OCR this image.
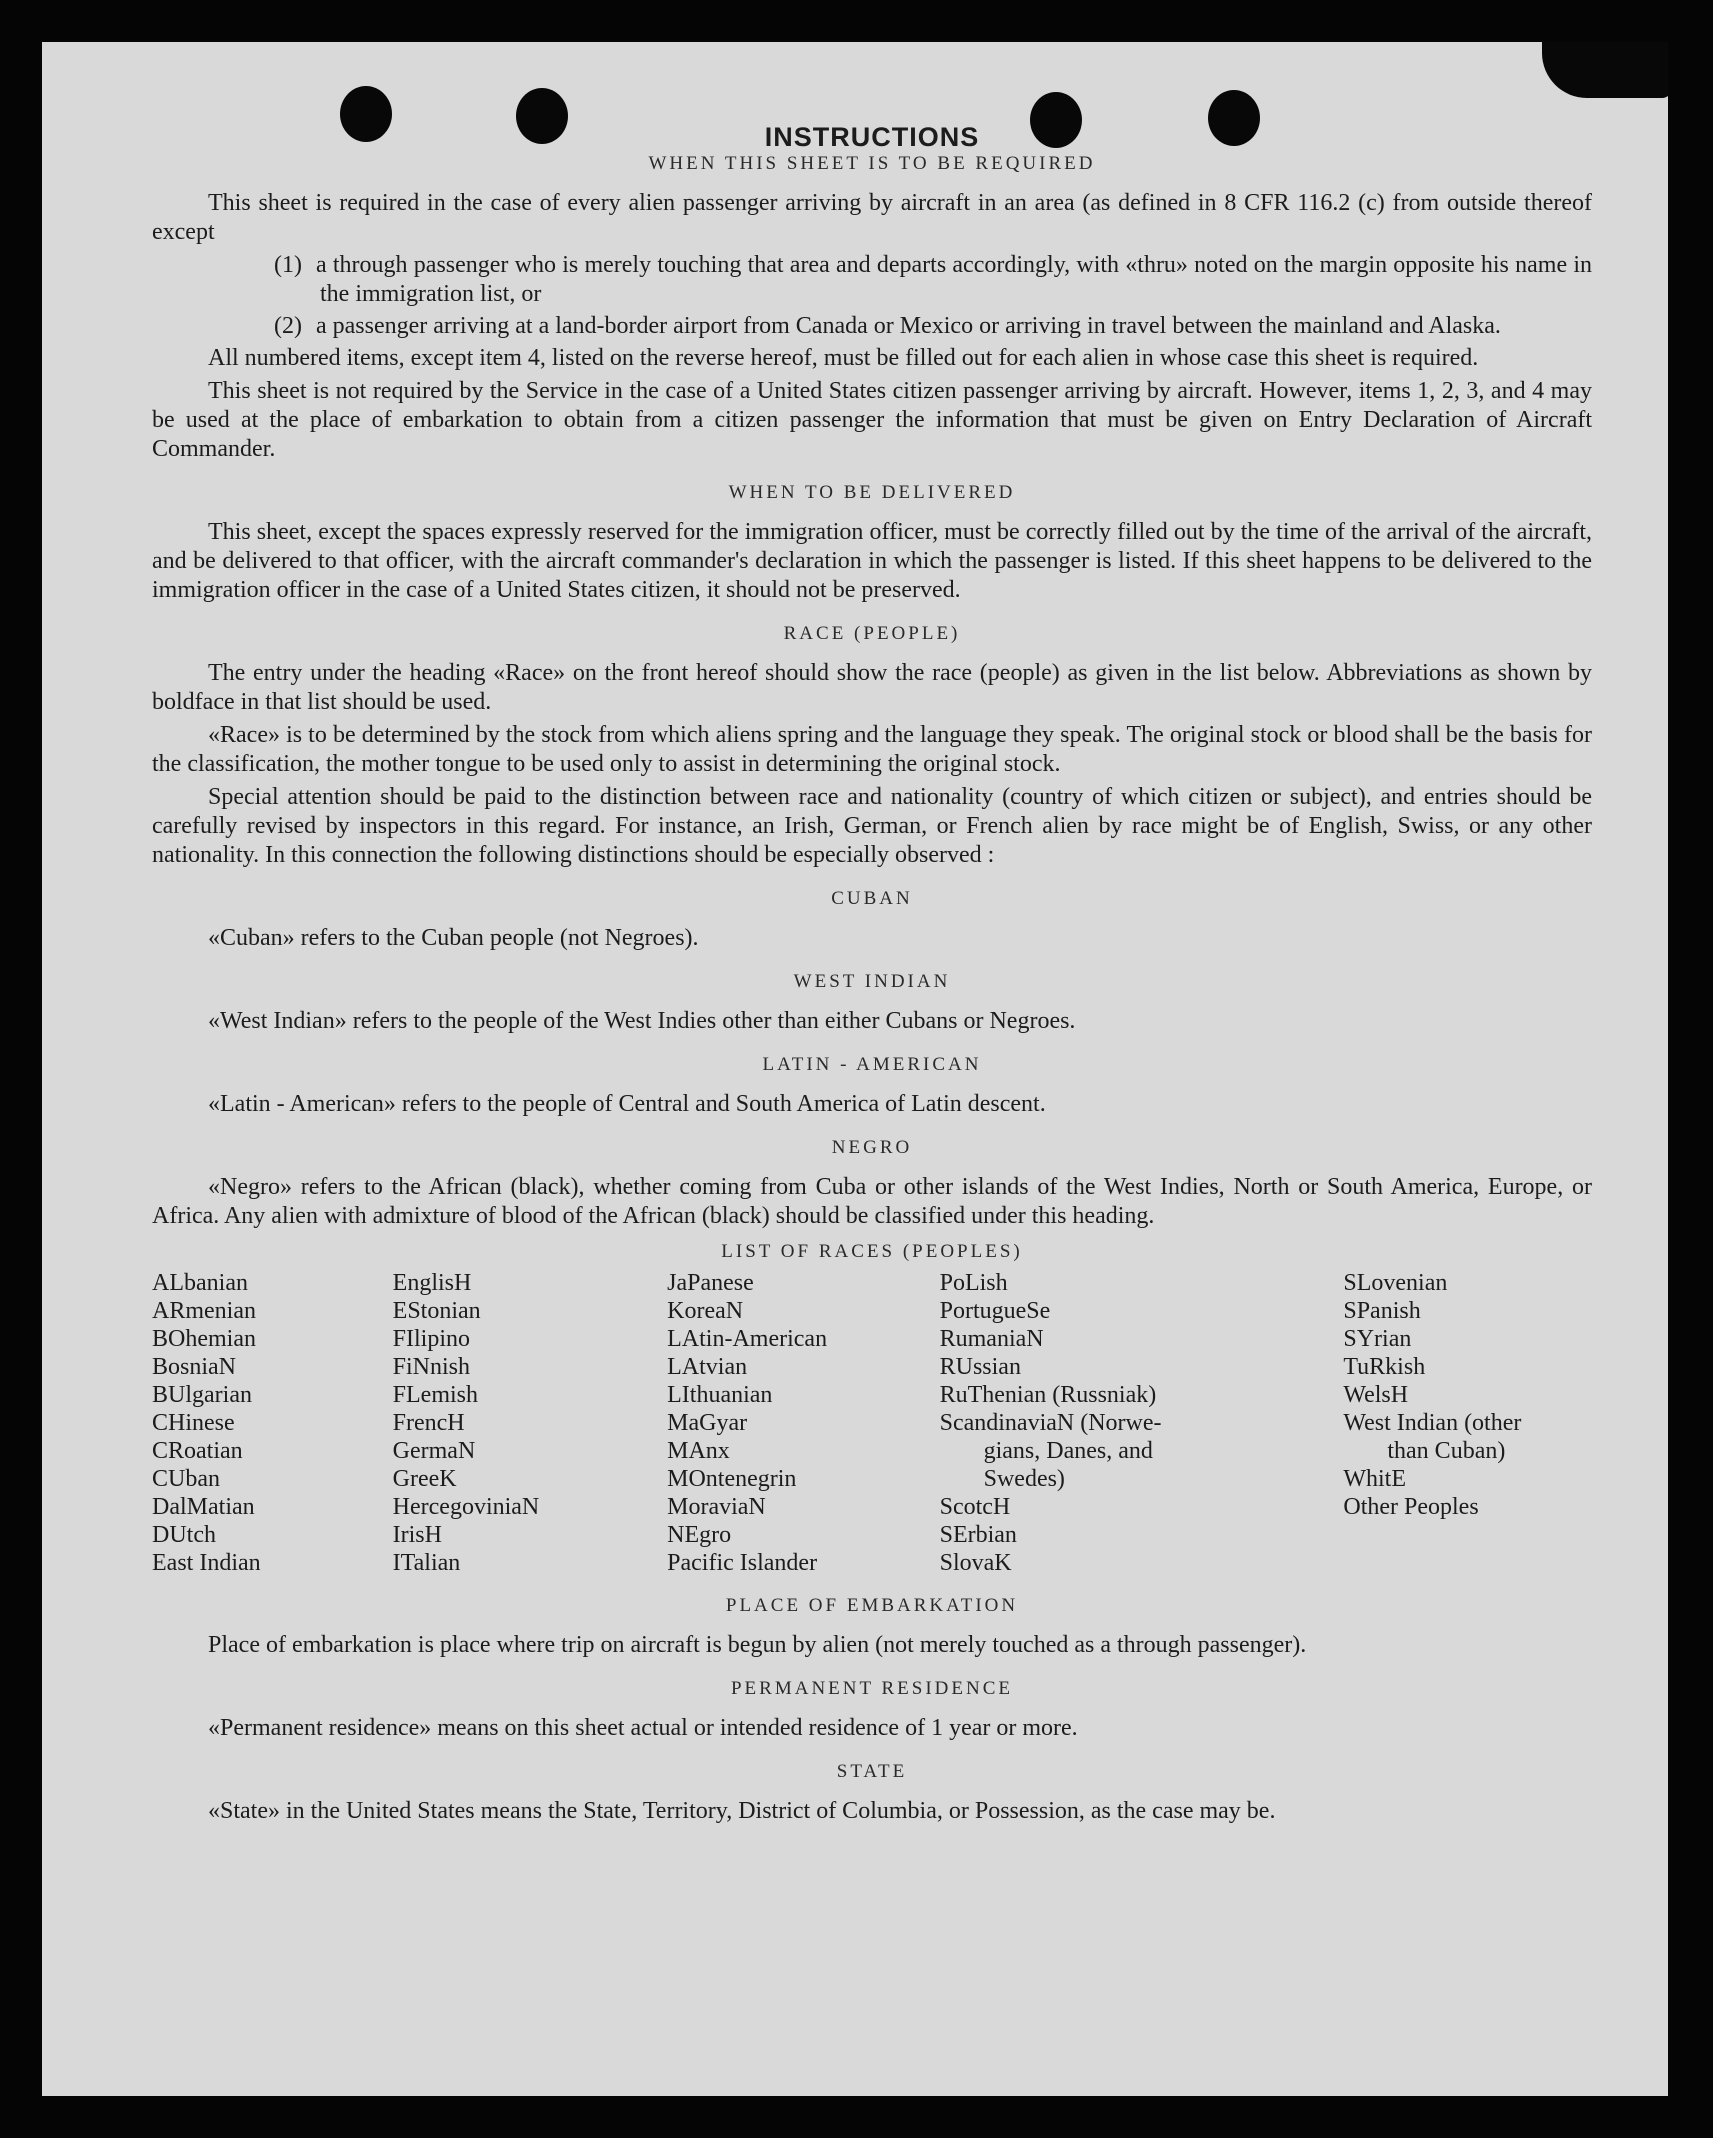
INSTRUCTIONS
WHEN THIS SHEET IS TO BE REQUIRED

This sheet is required in the case of every alien passenger arriving by aircraft in an area (as defined in 8 CFR 116.2 (c) from outside thereof except

(1) a through passenger who is merely touching that area and departs accordingly, with «thru» noted on the margin opposite his name in the immigration list, or
(2) a passenger arriving at a land-border airport from Canada or Mexico or arriving in travel between the mainland and Alaska.

All numbered items, except item 4, listed on the reverse hereof, must be filled out for each alien in whose case this sheet is required.

This sheet is not required by the Service in the case of a United States citizen passenger arriving by aircraft. However, items 1, 2, 3, and 4 may be used at the place of embarkation to obtain from a citizen passenger the information that must be given on Entry Declaration of Aircraft Commander.

WHEN TO BE DELIVERED

This sheet, except the spaces expressly reserved for the immigration officer, must be correctly filled out by the time of the arrival of the aircraft, and be delivered to that officer, with the aircraft commander's declaration in which the passenger is listed. If this sheet happens to be delivered to the immigration officer in the case of a United States citizen, it should not be preserved.

RACE (PEOPLE)

The entry under the heading «Race» on the front hereof should show the race (people) as given in the list below. Abbreviations as shown by boldface in that list should be used.

«Race» is to be determined by the stock from which aliens spring and the language they speak. The original stock or blood shall be the basis for the classification, the mother tongue to be used only to assist in determining the original stock.

Special attention should be paid to the distinction between race and nationality (country of which citizen or subject), and entries should be carefully revised by inspectors in this regard. For instance, an Irish, German, or French alien by race might be of English, Swiss, or any other nationality. In this connection the following distinctions should be especially observed :

CUBAN

«Cuban» refers to the Cuban people (not Negroes).

WEST INDIAN

«West Indian» refers to the people of the West Indies other than either Cubans or Negroes.

LATIN - AMERICAN

«Latin - American» refers to the people of Central and South America of Latin descent.

NEGRO

«Negro» refers to the African (black), whether coming from Cuba or other islands of the West Indies, North or South America, Europe, or Africa. Any alien with admixture of blood of the African (black) should be classified under this heading.

LIST OF RACES (PEOPLES)
ALbanian
ARmenian
BOhemian
BosniaN
BUlgarian
CHinese
CRoatian
CUban
DalMatian
DUtch
East Indian
EnglisH
EStonian
FIlipino
FiNnish
FLemish
FrencH
GermaN
GreeK
HercegoviniaN
IrisH
ITalian
JaPanese
KoreaN
LAtin-American
LAtvian
LIthuanian
MaGyar
MAnx
MOntenegrin
MoraviaN
NEgro
Pacific Islander
PoLish
PortugueSe
RumaniaN
RUssian
RuThenian (Russniak)
ScandinaviaN (Norwe-
gians, Danes, and
Swedes)
ScotcH
SErbian
SlovaK
SLovenian
SPanish
SYrian
TuRkish
WelsH
West Indian (other
than Cuban)
WhitE
Other Peoples
PLACE OF EMBARKATION

Place of embarkation is place where trip on aircraft is begun by alien (not merely touched as a through passenger).

PERMANENT RESIDENCE

«Permanent residence» means on this sheet actual or intended residence of 1 year or more.

STATE

«State» in the United States means the State, Territory, District of Columbia, or Possession, as the case may be.
